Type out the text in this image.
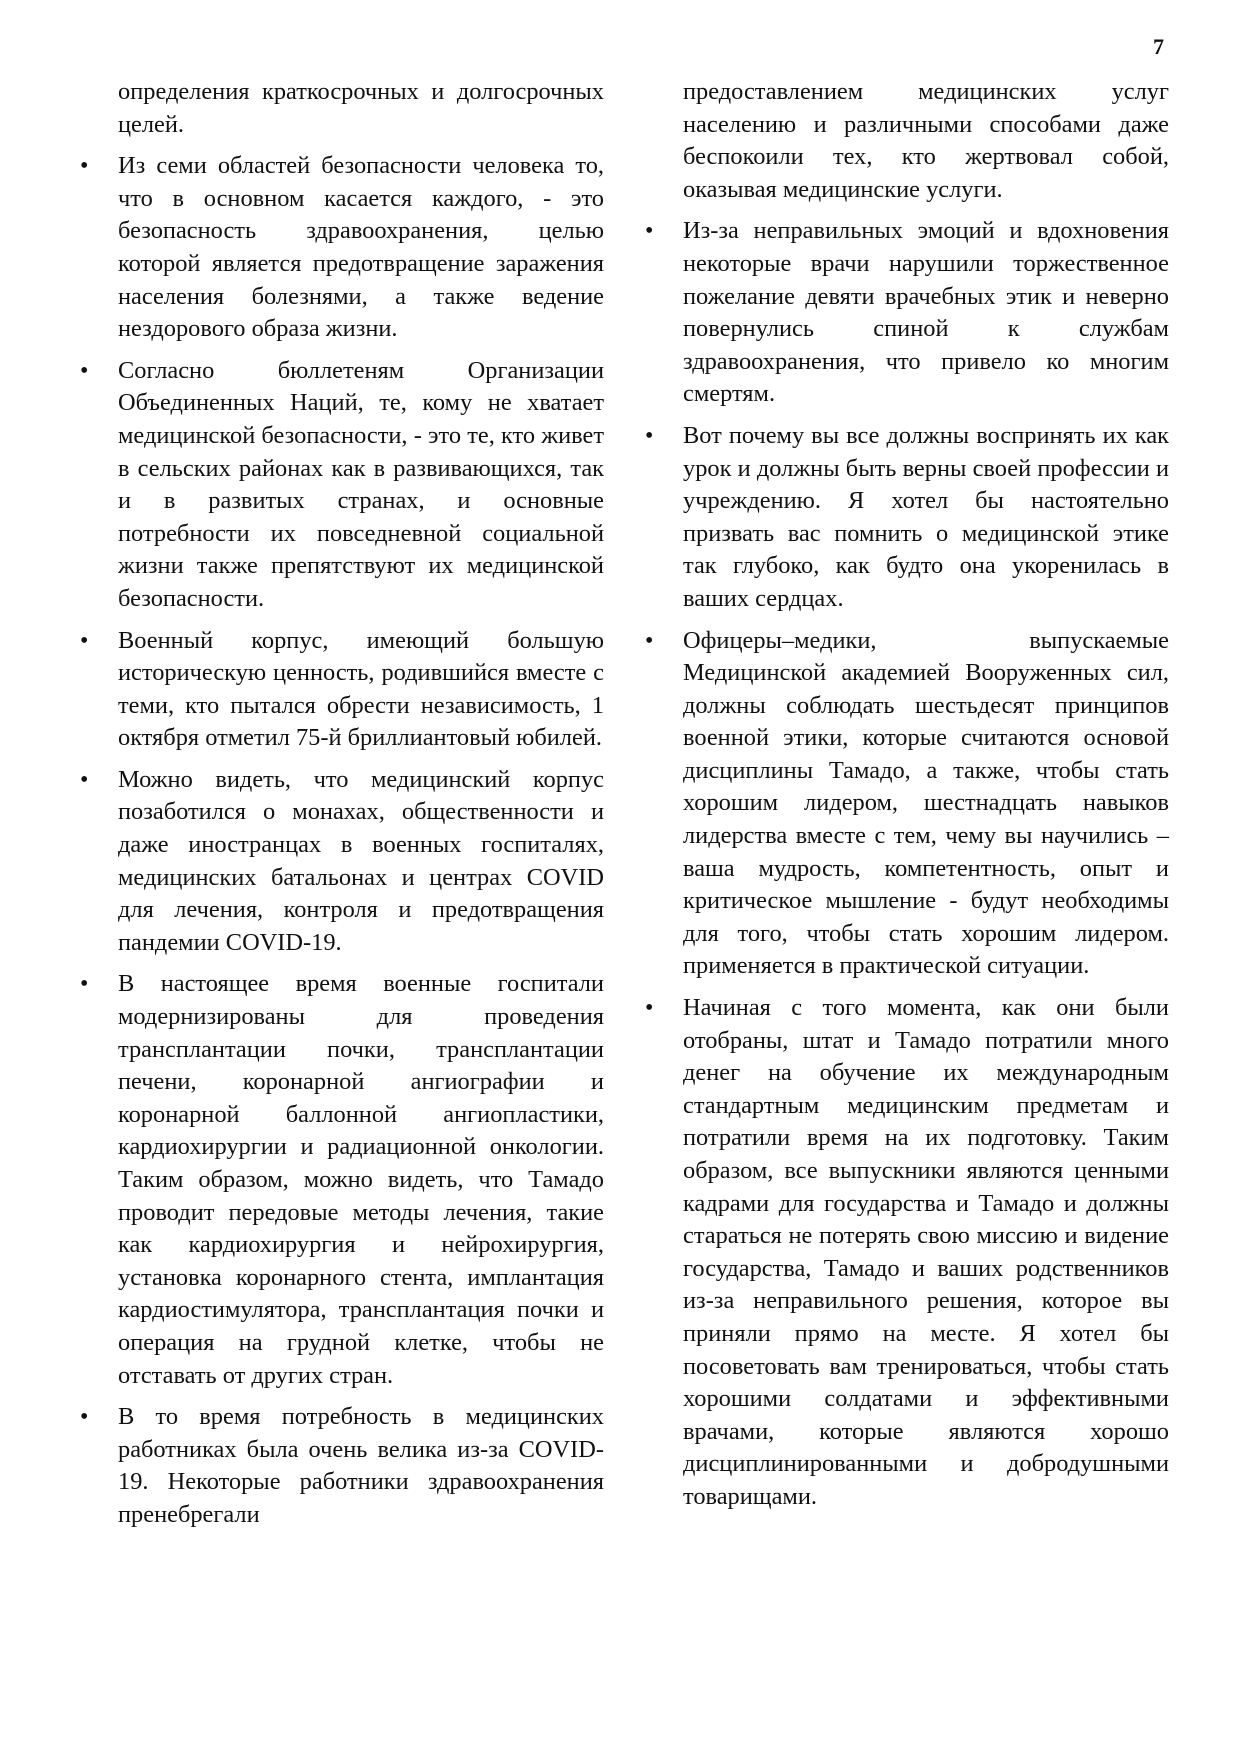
7

определения краткосрочных и долгосрочных целей.

• Из семи областей безопасности человека то, что в основном касается каждого, - это безопасность здравоохранения, целью которой является предотвращение заражения населения болезнями, а также ведение нездорового образа жизни.

• Согласно бюллетеням Организации Объединенных Наций, те, кому не хватает медицинской безопасности, - это те, кто живет в сельских районах как в развивающихся, так и в развитых странах, и основные потребности их повседневной социальной жизни также препятствуют их медицинской безопасности.

• Военный корпус, имеющий большую историческую ценность, родившийся вместе с теми, кто пытался обрести независимость, 1 октября отметил 75-й бриллиантовый юбилей.

• Можно видеть, что медицинский корпус позаботился о монахах, общественности и даже иностранцах в военных госпиталях, медицинских батальонах и центрах COVID для лечения, контроля и предотвращения пандемии COVID-19.

• В настоящее время военные госпитали модернизированы для проведения трансплантации почки, трансплантации печени, коронарной ангиографии и коронарной баллонной ангиопластики, кардиохирургии и радиационной онкологии. Таким образом, можно видеть, что Тамадо проводит передовые методы лечения, такие как кардиохирургия и нейрохирургия, установка коронарного стента, имплантация кардиостимулятора, трансплантация почки и операция на грудной клетке, чтобы не отставать от других стран.

• В то время потребность в медицинских работниках была очень велика из-за COVID-19. Некоторые работники здравоохранения пренебрегали

предоставлением медицинских услуг населению и различными способами даже беспокоили тех, кто жертвовал собой, оказывая медицинские услуги.

• Из-за неправильных эмоций и вдохновения некоторые врачи нарушили торжественное пожелание девяти врачебных этик и неверно повернулись спиной к службам здравоохранения, что привело ко многим смертям.

• Вот почему вы все должны воспринять их как урок и должны быть верны своей профессии и учреждению. Я хотел бы настоятельно призвать вас помнить о медицинской этике так глубоко, как будто она укоренилась в ваших сердцах.

• Офицеры–медики, выпускаемые Медицинской академией Вооруженных сил, должны соблюдать шестьдесят принципов военной этики, которые считаются основой дисциплины Тамадо, а также, чтобы стать хорошим лидером, шестнадцать навыков лидерства вместе с тем, чему вы научились – ваша мудрость, компетентность, опыт и критическое мышление - будут необходимы для того, чтобы стать хорошим лидером. применяется в практической ситуации.

• Начиная с того момента, как они были отобраны, штат и Тамадо потратили много денег на обучение их международным стандартным медицинским предметам и потратили время на их подготовку. Таким образом, все выпускники являются ценными кадрами для государства и Тамадо и должны стараться не потерять свою миссию и видение государства, Тамадо и ваших родственников из-за неправильного решения, которое вы приняли прямо на месте. Я хотел бы посоветовать вам тренироваться, чтобы стать хорошими солдатами и эффективными врачами, которые являются хорошо дисциплинированными и добродушными товарищами.
